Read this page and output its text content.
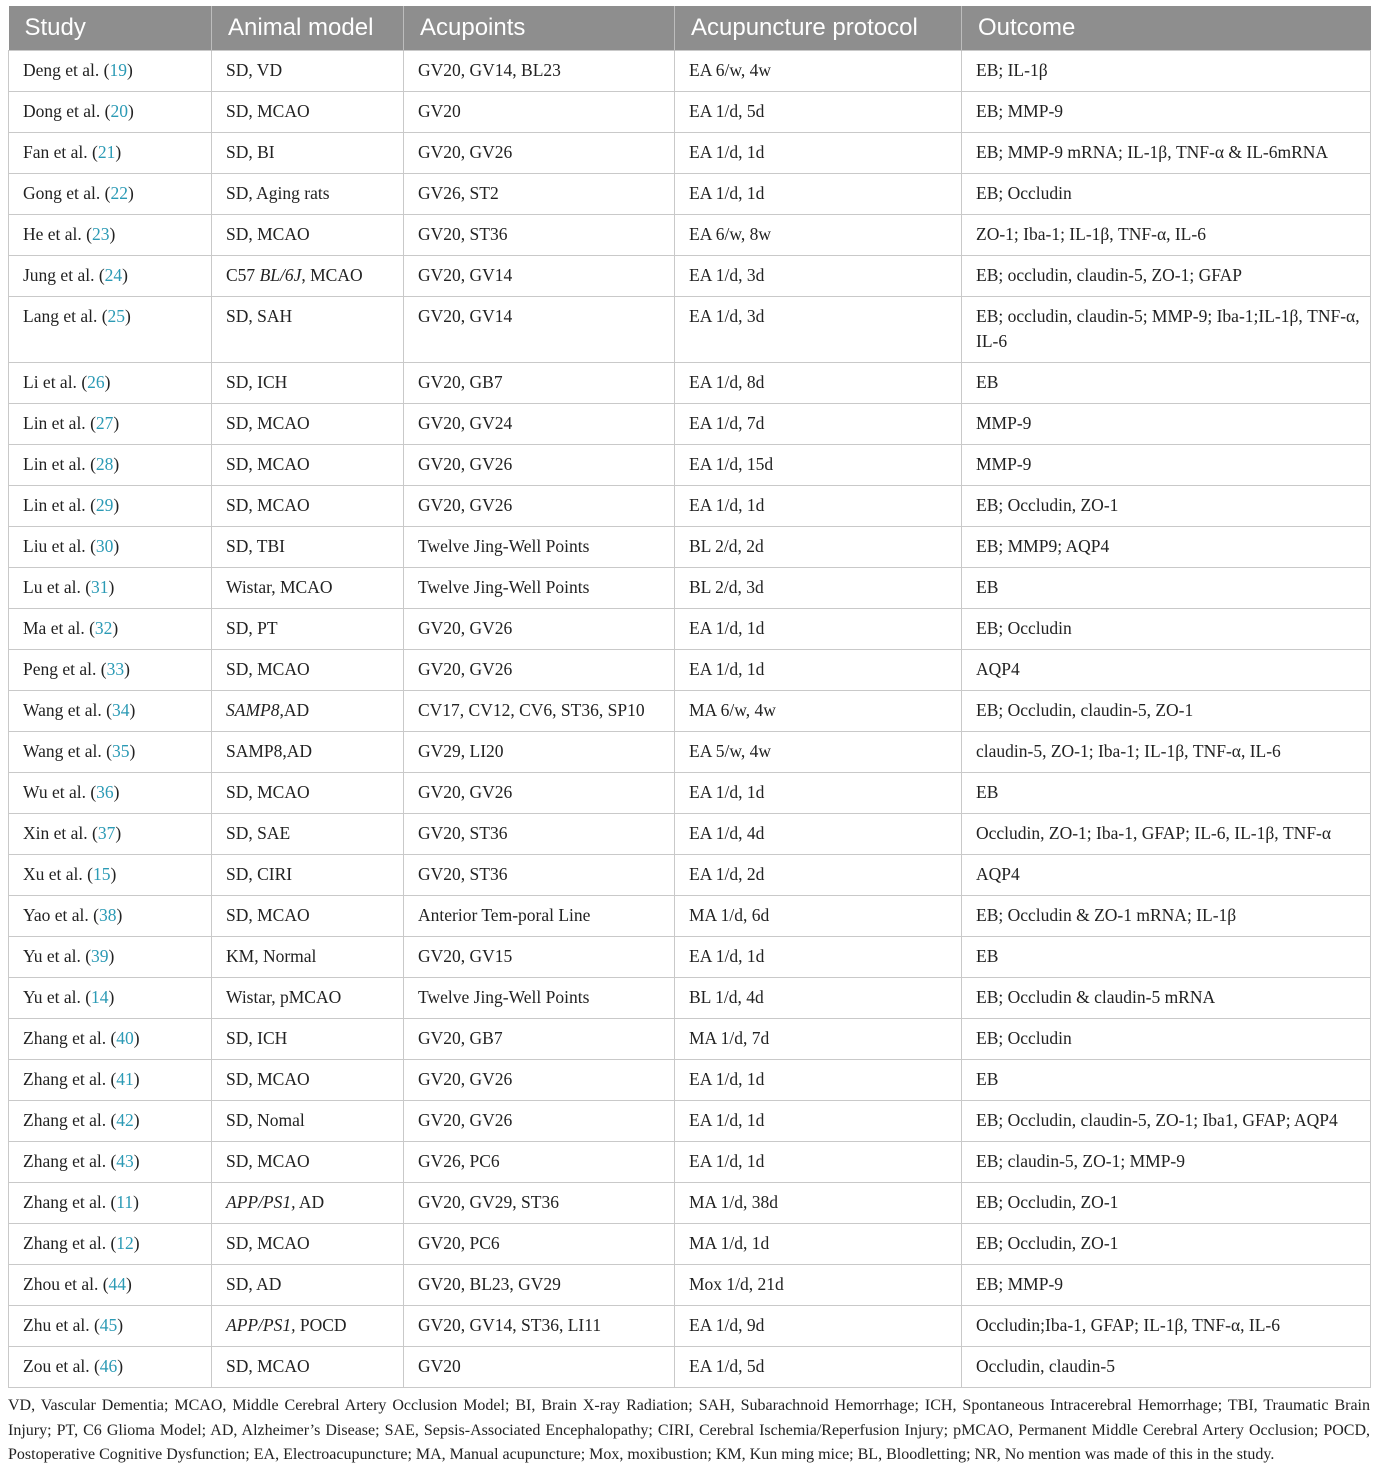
Study	Animal model	Acupoints	Acupuncture protocol	Outcome
Deng et al. (19)	SD, VD	GV20, GV14, BL23	EA 6/w, 4w	EB; IL-1β
Dong et al. (20)	SD, MCAO	GV20	EA 1/d, 5d	EB; MMP-9
Fan et al. (21)	SD, BI	GV20, GV26	EA 1/d, 1d	EB; MMP-9 mRNA; IL-1β, TNF-α & IL-6mRNA
Gong et al. (22)	SD, Aging rats	GV26, ST2	EA 1/d, 1d	EB; Occludin
He et al. (23)	SD, MCAO	GV20, ST36	EA 6/w, 8w	ZO-1; Iba-1; IL-1β, TNF-α, IL-6
Jung et al. (24)	C57 BL/6J, MCAO	GV20, GV14	EA 1/d, 3d	EB; occludin, claudin-5, ZO-1; GFAP
Lang et al. (25)	SD, SAH	GV20, GV14	EA 1/d, 3d	EB; occludin, claudin-5; MMP-9; Iba-1;IL-1β, TNF-α, IL-6
Li et al. (26)	SD, ICH	GV20, GB7	EA 1/d, 8d	EB
Lin et al. (27)	SD, MCAO	GV20, GV24	EA 1/d, 7d	MMP-9
Lin et al. (28)	SD, MCAO	GV20, GV26	EA 1/d, 15d	MMP-9
Lin et al. (29)	SD, MCAO	GV20, GV26	EA 1/d, 1d	EB; Occludin, ZO-1
Liu et al. (30)	SD, TBI	Twelve Jing-Well Points	BL 2/d, 2d	EB; MMP9; AQP4
Lu et al. (31)	Wistar, MCAO	Twelve Jing-Well Points	BL 2/d, 3d	EB
Ma et al. (32)	SD, PT	GV20, GV26	EA 1/d, 1d	EB; Occludin
Peng et al. (33)	SD, MCAO	GV20, GV26	EA 1/d, 1d	AQP4
Wang et al. (34)	SAMP8,AD	CV17, CV12, CV6, ST36, SP10	MA 6/w, 4w	EB; Occludin, claudin-5, ZO-1
Wang et al. (35)	SAMP8,AD	GV29, LI20	EA 5/w, 4w	claudin-5, ZO-1; Iba-1; IL-1β, TNF-α, IL-6
Wu et al. (36)	SD, MCAO	GV20, GV26	EA 1/d, 1d	EB
Xin et al. (37)	SD, SAE	GV20, ST36	EA 1/d, 4d	Occludin, ZO-1; Iba-1, GFAP; IL-6, IL-1β, TNF-α
Xu et al. (15)	SD, CIRI	GV20, ST36	EA 1/d, 2d	AQP4
Yao et al. (38)	SD, MCAO	Anterior Tem-poral Line	MA 1/d, 6d	EB; Occludin & ZO-1 mRNA; IL-1β
Yu et al. (39)	KM, Normal	GV20, GV15	EA 1/d, 1d	EB
Yu et al. (14)	Wistar, pMCAO	Twelve Jing-Well Points	BL 1/d, 4d	EB; Occludin & claudin-5 mRNA
Zhang et al. (40)	SD, ICH	GV20, GB7	MA 1/d, 7d	EB; Occludin
Zhang et al. (41)	SD, MCAO	GV20, GV26	EA 1/d, 1d	EB
Zhang et al. (42)	SD, Nomal	GV20, GV26	EA 1/d, 1d	EB; Occludin, claudin-5, ZO-1; Iba1, GFAP; AQP4
Zhang et al. (43)	SD, MCAO	GV26, PC6	EA 1/d, 1d	EB; claudin-5, ZO-1; MMP-9
Zhang et al. (11)	APP/PS1, AD	GV20, GV29, ST36	MA 1/d, 38d	EB; Occludin, ZO-1
Zhang et al. (12)	SD, MCAO	GV20, PC6	MA 1/d, 1d	EB; Occludin, ZO-1
Zhou et al. (44)	SD, AD	GV20, BL23, GV29	Mox 1/d, 21d	EB; MMP-9
Zhu et al. (45)	APP/PS1, POCD	GV20, GV14, ST36, LI11	EA 1/d, 9d	Occludin;Iba-1, GFAP; IL-1β, TNF-α, IL-6
Zou et al. (46)	SD, MCAO	GV20	EA 1/d, 5d	Occludin, claudin-5

VD, Vascular Dementia; MCAO, Middle Cerebral Artery Occlusion Model; BI, Brain X-ray Radiation; SAH, Subarachnoid Hemorrhage; ICH, Spontaneous Intracerebral Hemorrhage; TBI, Traumatic Brain Injury; PT, C6 Glioma Model; AD, Alzheimer’s Disease; SAE, Sepsis-Associated Encephalopathy; CIRI, Cerebral Ischemia/Reperfusion Injury; pMCAO, Permanent Middle Cerebral Artery Occlusion; POCD, Postoperative Cognitive Dysfunction; EA, Electroacupuncture; MA, Manual acupuncture; Mox, moxibustion; KM, Kun ming mice; BL, Bloodletting; NR, No mention was made of this in the study.
